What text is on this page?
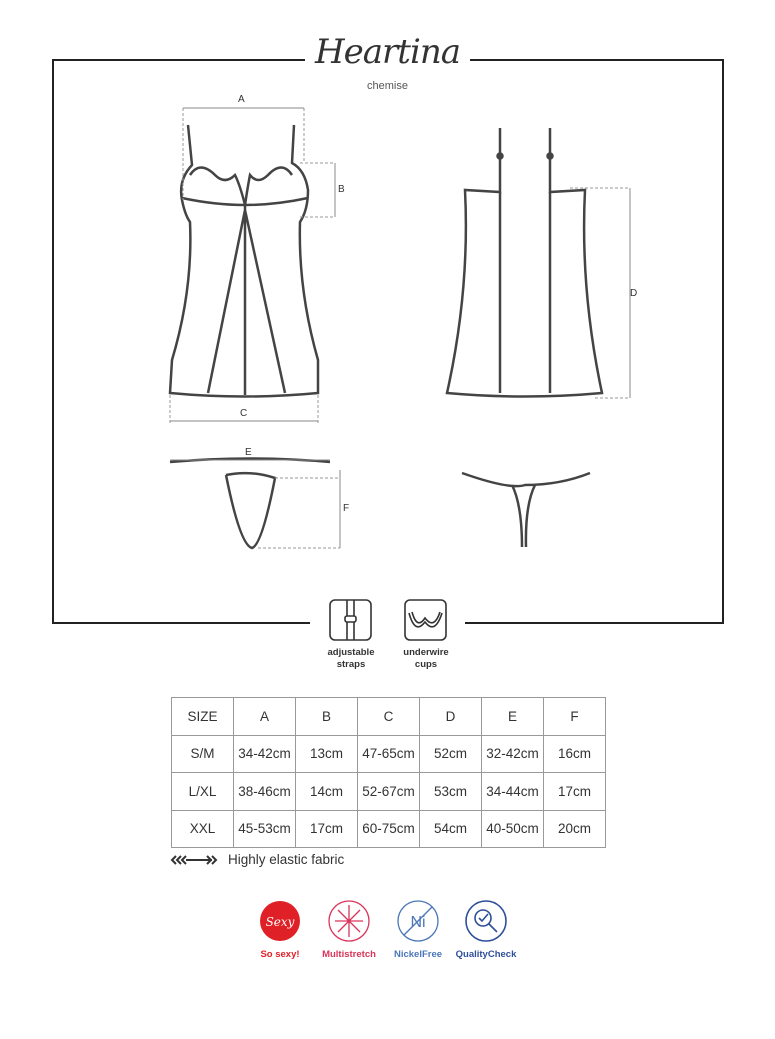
Heartina
chemise
Sexy	Ni
A
B
C
D
E
F
adjustable
straps
underwire
cups
SIZE	A	B	C	D	E	F
S/M	34-42cm	13cm	47-65cm	52cm	32-42cm	16cm
L/XL	38-46cm	14cm	52-67cm	53cm	34-44cm	17cm
XXL	45-53cm	17cm	60-75cm	54cm	40-50cm	20cm
Highly elastic fabric
So sexy!	Multistretch	NickelFree	QualityCheck
